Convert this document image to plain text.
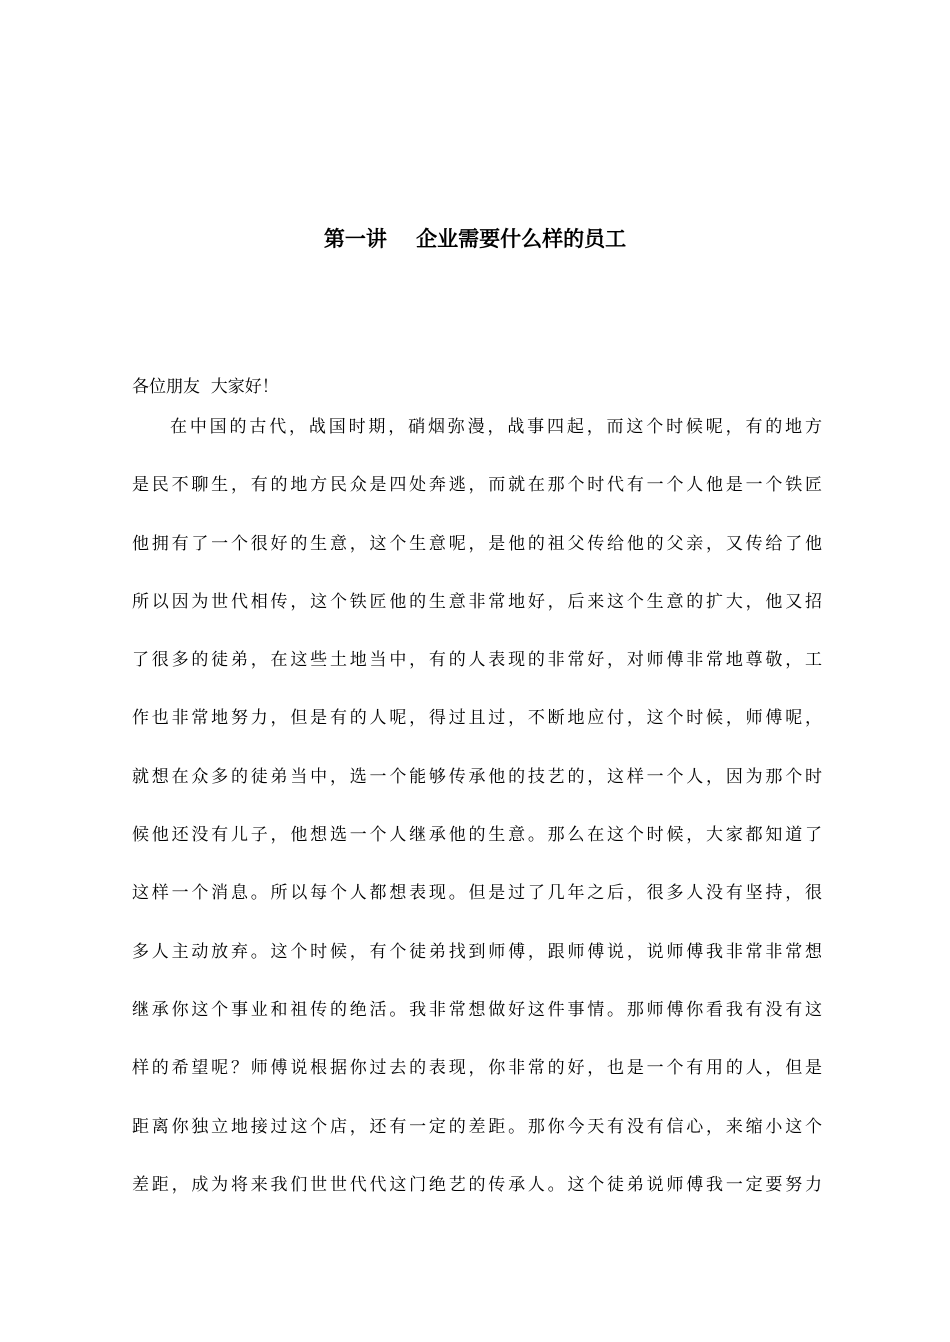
第一讲    企业需要什么样的员工
各位朋友  大家好！
在中国的古代，战国时期，硝烟弥漫，战事四起，而这个时候呢，有的地方
是民不聊生，有的地方民众是四处奔逃，而就在那个时代有一个人他是一个铁匠
他拥有了一个很好的生意，这个生意呢，是他的祖父传给他的父亲，又传给了他
所以因为世代相传，这个铁匠他的生意非常地好，后来这个生意的扩大，他又招
了很多的徒弟，在这些土地当中，有的人表现的非常好，对师傅非常地尊敬，工
作也非常地努力，但是有的人呢，得过且过，不断地应付，这个时候，师傅呢，
就想在众多的徒弟当中，选一个能够传承他的技艺的，这样一个人，因为那个时
候他还没有儿子，他想选一个人继承他的生意。那么在这个时候，大家都知道了
这样一个消息。所以每个人都想表现。但是过了几年之后，很多人没有坚持，很
多人主动放弃。这个时候，有个徒弟找到师傅，跟师傅说，说师傅我非常非常想
继承你这个事业和祖传的绝活。我非常想做好这件事情。那师傅你看我有没有这
样的希望呢？师傅说根据你过去的表现，你非常的好，也是一个有用的人，但是
距离你独立地接过这个店，还有一定的差距。那你今天有没有信心，来缩小这个
差距，成为将来我们世世代代这门绝艺的传承人。这个徒弟说师傅我一定要努力
